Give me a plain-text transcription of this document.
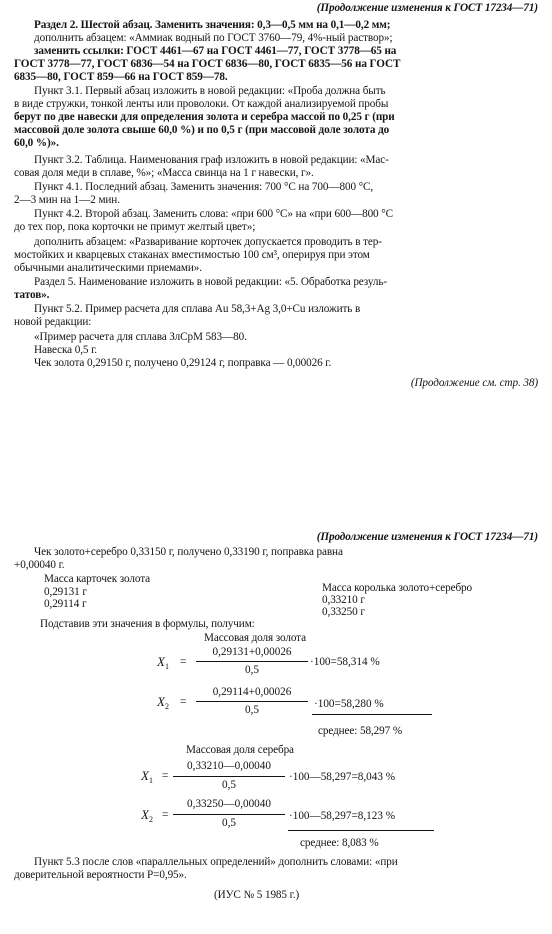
(Продолжение изменения к ГОСТ 17234—71)
Раздел 2. Шестой абзац. Заменить значения: 0,3—0,5 мм на 0,1—0,2 мм;
дополнить абзацем: «Аммиак водный по ГОСТ 3760—79, 4%-ный раствор»;
заменить ссылки: ГОСТ 4461—67 на ГОСТ 4461—77, ГОСТ 3778—65 на
ГОСТ 3778—77, ГОСТ 6836—54 на ГОСТ 6836—80, ГОСТ 6835—56 на ГОСТ
6835—80, ГОСТ 859—66 на ГОСТ 859—78.
Пункт 3.1. Первый абзац изложить в новой редакции: «Проба должна быть
в виде стружки, тонкой ленты или проволоки. От каждой анализируемой пробы
берут по две навески для определения золота и серебра массой по 0,25 г (при
массовой доле золота свыше 60,0 %) и по 0,5 г (при массовой доле золота до
60,0 %)».
Пункт 3.2. Таблица. Наименования граф изложить в новой редакции: «Мас-
совая доля меди в сплаве, %»; «Масса свинца на 1 г навески, г».
Пункт 4.1. Последний абзац. Заменить значения: 700 °С на 700—800 °С,
2—3 мин на 1—2 мин.
Пункт 4.2. Второй абзац. Заменить слова: «при 600 °С» на «при 600—800 °С
до тех пор, пока корточки не примут желтый цвет»;
дополнить абзацем: «Разваривание корточек допускается проводить в тер-
мостойких и кварцевых стаканах вместимостью 100 см³, оперируя при этом
обычными аналитическими приемами».
Раздел 5. Наименование изложить в новой редакции: «5. Обработка резуль-
татов».
Пункт 5.2. Пример расчета для сплава Au 58,3+Ag 3,0+Cu изложить в
новой редакции:
«Пример расчета для сплава ЗлСрМ 583—80.
Навеска 0,5 г.
Чек золота 0,29150 г, получено 0,29124 г, поправка — 0,00026 г.
(Продолжение см. стр. 38)
(Продолжение изменения к ГОСТ 17234—71)
Чек золото+серебро 0,33150 г, получено 0,33190 г, поправка равна
+0,00040 г.
Масса карточек золота
0,29131 г
0,29114 г
Масса королька золото+серебро
0,33210 г
0,33250 г
Подставив эти значения в формулы, получим:
Массовая доля золота
$X_1$ =
0,29131+0,00026
0,5
·100=58,314 %
$X_2$ =
0,29114+0,00026
0,5	·100=58,280 %
среднее: 58,297 %
Массовая доля серебра
$X_1$ =
0,33210—0,00040
0,5
·100—58,297=8,043 %
$X_2$ =
0,33250—0,00040
0,5
·100—58,297=8,123 %
среднее: 8,083 %
Пункт 5.3 после слов «параллельных определений» дополнить словами: «при
доверительной вероятности P=0,95».
(ИУС № 5 1985 г.)
